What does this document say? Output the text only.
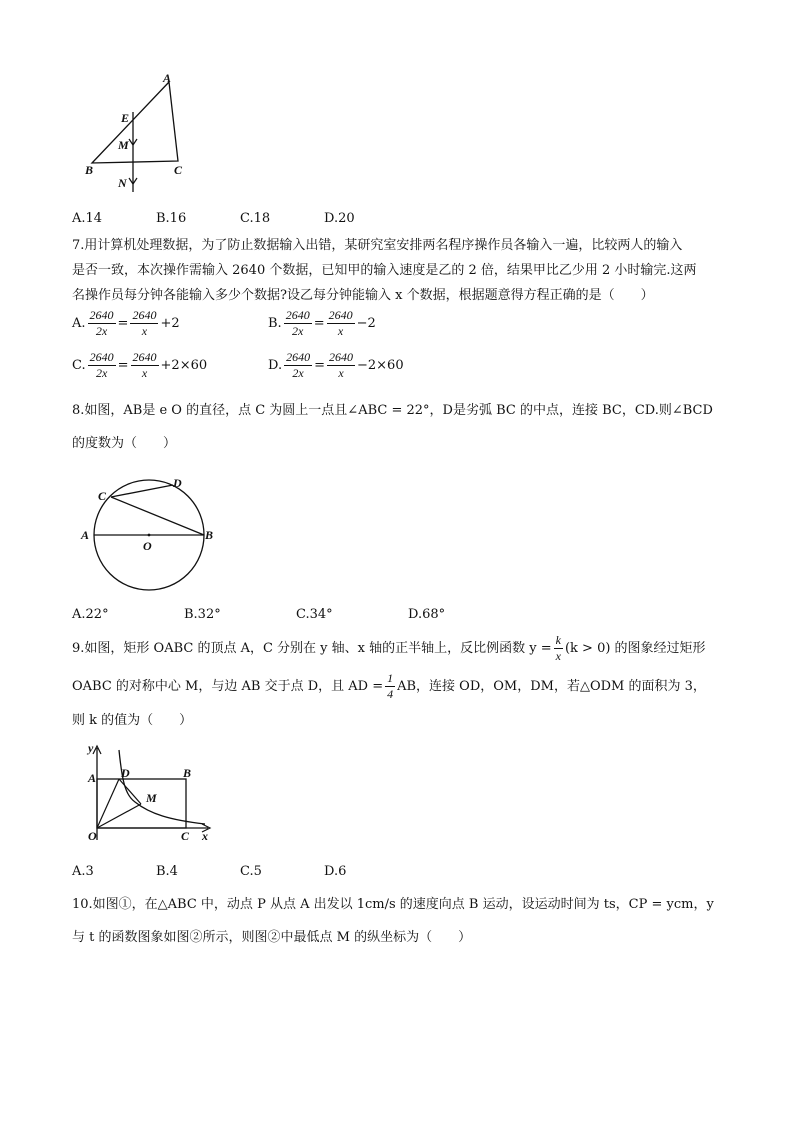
A
E
M
B	C
N
A.14	B.16	C.18	D.20
7.用计算机处理数据，为了防止数据输入出错，某研究室安排两名程序操作员各输入一遍，比较两人的输入
是否一致，本次操作需输入 2640 个数据，已知甲的输入速度是乙的 2 倍，结果甲比乙少用 2 小时输完.这两
名操作员每分钟各能输入多少个数据?设乙每分钟能输入 x 个数据，根据题意得方程正确的是（　　）
A. $\frac{2640}{2x} = \frac{2640}{x} +2$	B. $\frac{2640}{2x} = \frac{2640}{x} -2$
C. $\frac{2640}{2x} = \frac{2640}{x} +2\times 60$	D. $\frac{2640}{2x} = \frac{2640}{x} -2\times 60$
8.如图，AB是 e O 的直径，点 C 为圆上一点且∠ABC = 22°，D是劣弧 BC 的中点，连接 BC，CD.则∠BCD
的度数为（　　）
C
D
A
O
B
A.22°	B.32°	C.34°	D.68°
9.如图，矩形 OABC 的顶点 A，C 分别在 y 轴、x 轴的正半轴上，反比例函数 $y = \frac{k}{x} (k > 0)$ 的图象经过矩形
OABC 的对称中心 M，与边 AB 交于点 D，且 AD = $\frac{1}{4}$ AB，连接 OD，OM，DM，若△ODM 的面积为 3，
则 k 的值为（　　）
y
A D	B
M
O	C x
A.3	B.4	C.5	D.6
10.如图①，在△ABC 中，动点 P 从点 A 出发以 1cm/s 的速度向点 B 运动，设运动时间为 ts，CP = ycm，y
与 t 的函数图象如图②所示，则图②中最低点 M 的纵坐标为（　　）
